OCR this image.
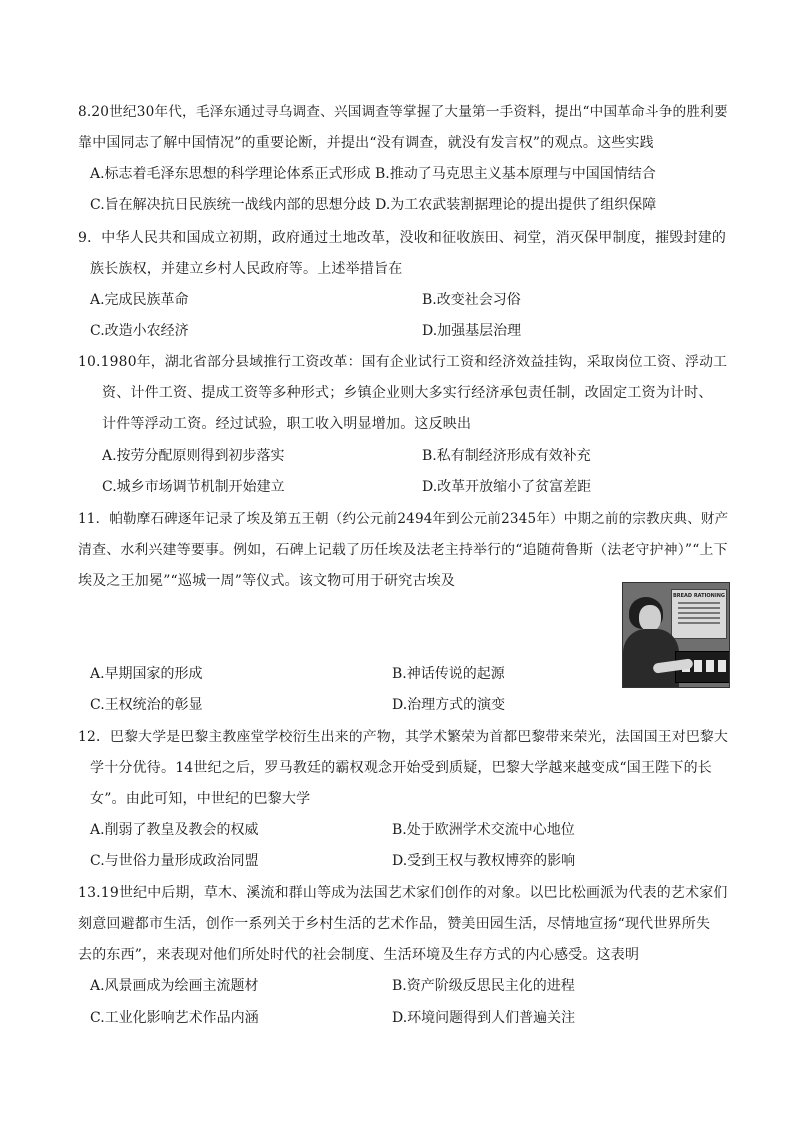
8.20世纪30年代，毛泽东通过寻乌调查、兴国调查等掌握了大量第一手资料，提出“中国革命斗争的胜利要
靠中国同志了解中国情况”的重要论断，并提出“没有调查，就没有发言权”的观点。这些实践
A.标志着毛泽东思想的科学理论体系正式形成 B.推动了马克思主义基本原理与中国国情结合
C.旨在解决抗日民族统一战线内部的思想分歧 D.为工农武装割据理论的提出提供了组织保障
9．中华人民共和国成立初期，政府通过土地改革，没收和征收族田、祠堂，消灭保甲制度，摧毁封建的
族长族权，并建立乡村人民政府等。上述举措旨在
A.完成民族革命	B.改变社会习俗
C.改造小农经济	D.加强基层治理
10.1980年，湖北省部分县域推行工资改革：国有企业试行工资和经济效益挂钩，采取岗位工资、浮动工
资、计件工资、提成工资等多种形式；乡镇企业则大多实行经济承包责任制，改固定工资为计时、
计件等浮动工资。经过试验，职工收入明显增加。这反映出
A.按劳分配原则得到初步落实	B.私有制经济形成有效补充
C.城乡市场调节机制开始建立	D.改革开放缩小了贫富差距
11．帕勒摩石碑逐年记录了埃及第五王朝（约公元前2494年到公元前2345年）中期之前的宗教庆典、财产
清查、水利兴建等要事。例如，石碑上记载了历任埃及法老主持举行的“追随荷鲁斯（法老守护神）”“上下
埃及之王加冕”“巡城一周”等仪式。该文物可用于研究古埃及
BREAD RATIONING
A.早期国家的形成	B.神话传说的起源
C.王权统治的彰显	D.治理方式的演变
12．巴黎大学是巴黎主教座堂学校衍生出来的产物，其学术繁荣为首都巴黎带来荣光，法国国王对巴黎大
学十分优待。14世纪之后，罗马教廷的霸权观念开始受到质疑，巴黎大学越来越变成“国王陛下的长
女”。由此可知，中世纪的巴黎大学
A.削弱了教皇及教会的权威	B.处于欧洲学术交流中心地位
C.与世俗力量形成政治同盟	D.受到王权与教权博弈的影响
13.19世纪中后期，草木、溪流和群山等成为法国艺术家们创作的对象。以巴比松画派为代表的艺术家们
刻意回避都市生活，创作一系列关于乡村生活的艺术作品，赞美田园生活，尽情地宣扬“现代世界所失
去的东西”，来表现对他们所处时代的社会制度、生活环境及生存方式的内心感受。这表明
A.风景画成为绘画主流题材	B.资产阶级反思民主化的进程
C.工业化影响艺术作品内涵	D.环境问题得到人们普遍关注
